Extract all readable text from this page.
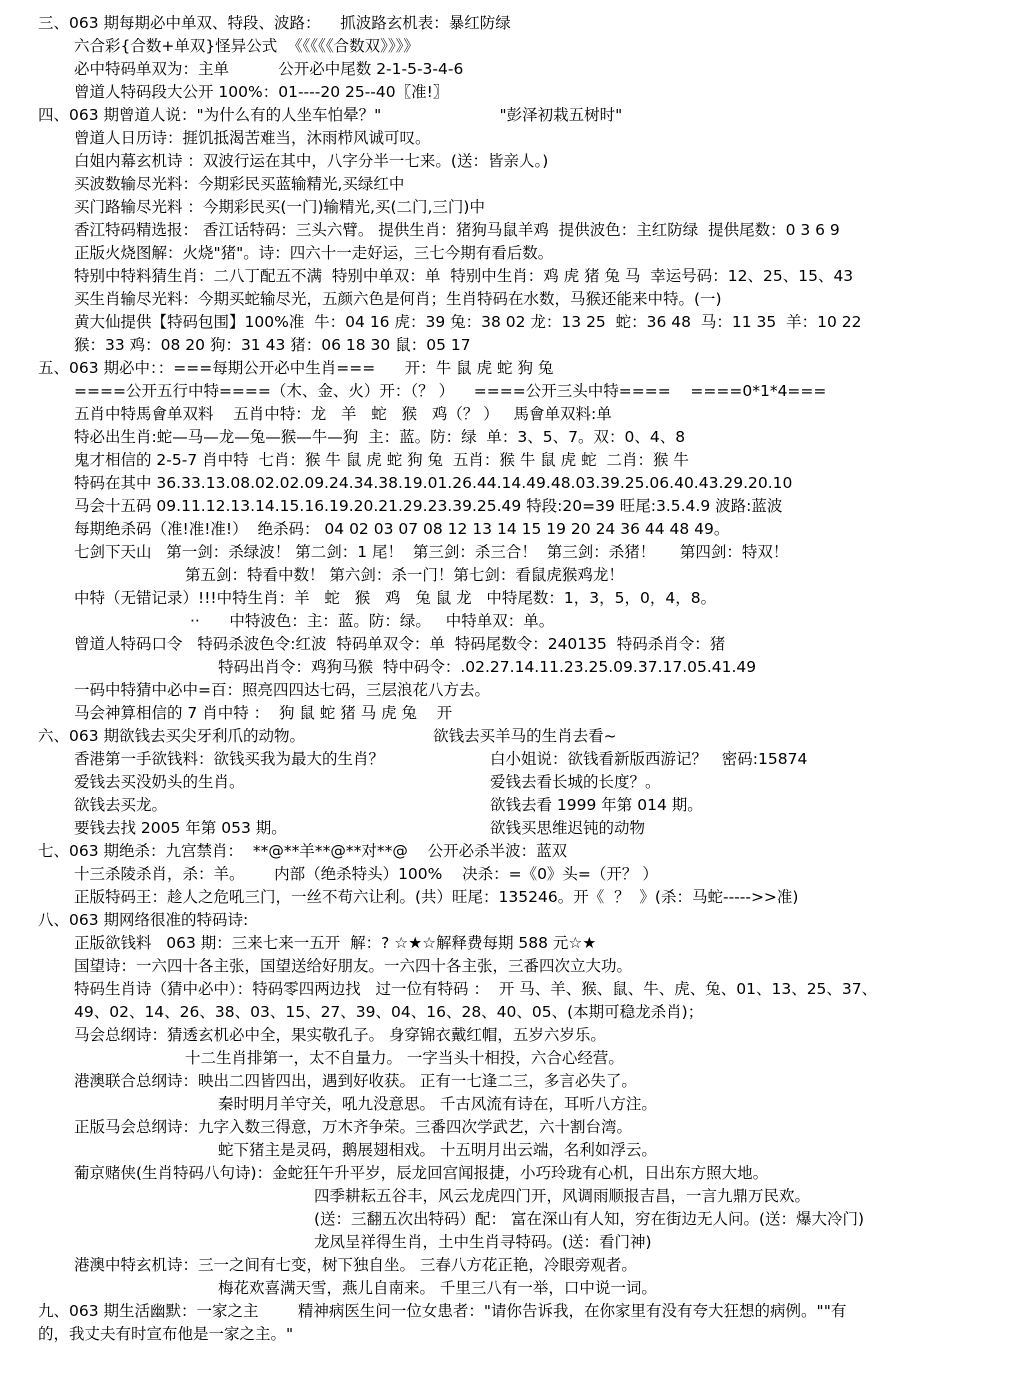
三、063 期每期必中单双、特段、波路：    抓波路玄机表：暴红防绿
六合彩{合数+单双}怪异公式  《《《《《合数双》》》》
必中特码单双为：主单          公开必中尾数 2-1-5-3-4-6
曾道人特码段大公开 100%：01----20 25--40〖准!〗
四、063 期曾道人说："为什么有的人坐车怕晕？"                        "彭泽初栽五树时"
曾道人日历诗：捱饥抵渴苦难当，沐雨栉风诚可叹。
白姐内幕玄机诗 ：双波行运在其中，八字分半一七来。(送：皆亲人。)
买波数输尽光料：今期彩民买蓝输精光,买绿红中
买门路输尽光料 ：今期彩民买(一门)输精光,买(二门,三门)中
香江特码精选报： 香江话特码：三头六臂。 提供生肖：猪狗马鼠羊鸡  提供波色：主红防绿  提供尾数：0 3 6 9
正版火烧图解：火烧"猪"。诗：四六十一走好运，三七今期有看后数。
特别中特料猜生肖：二八丁配五不满  特别中单双：单  特别中生肖：鸡 虎 猪 兔 马  幸运号码：12、25、15、43
买生肖输尽光料：今期买蛇输尽光，五颜六色是何肖；生肖特码在水数，马猴还能来中特。(一)
黄大仙提供【特码包围】100%准  牛：04 16 虎：39 兔：38 02 龙：13 25  蛇：36 48  马：11 35  羊：10 22
猴：33 鸡：08 20 狗：31 43 猪：06 18 30 鼠：05 17
五、063 期必中：：===每期公开必中生肖===      开：牛 鼠 虎 蛇 狗 兔
====公开五行中特====（木、金、火）开：（？ ）    ====公开三头中特====    ====0*1*4===
五肖中特馬會单双料    五肖中特：龙   羊   蛇   猴   鸡（？ ）   馬會单双料:单
特必出生肖:蛇—马—龙—兔—猴—牛—狗  主：蓝。防：绿  单：3、5、7。双：0、4、8
鬼才相信的 2-5-7 肖中特  七肖：猴 牛 鼠 虎 蛇 狗 兔  五肖：猴 牛 鼠 虎 蛇  二肖：猴 牛
特码在其中 36.33.13.08.02.02.09.24.34.38.19.01.26.44.14.49.48.03.39.25.06.40.43.29.20.10
马会十五码 09.11.12.13.14.15.16.19.20.21.29.23.39.25.49 特段:20=39 旺尾:3.5.4.9 波路:蓝波
每期绝杀码（准!准!准!）  绝杀码： 04 02 03 07 08 12 13 14 15 19 20 24 36 44 48 49。
七剑下天山   第一剑：杀绿波！ 第二剑：1 尾！  第三剑：杀三合！  第三剑：杀猪！     第四剑：特双！
第五剑：特看中数！ 第六剑：杀一门！第七剑：看鼠虎猴鸡龙！
中特（无错记录）!!!中特生肖：羊   蛇   猴   鸡   兔 鼠 龙   中特尾数：1，3，5，0，4，8。
··      中特波色：主：蓝。防：绿。   中特单双：单。
曾道人特码口令   特码杀波色令:红波  特码单双令：单  特码尾数令：240135  特码杀肖令：猪
特码出肖令：鸡狗马猴  特中码令：.02.27.14.11.23.25.09.37.17.05.41.49
一码中特猜中必中=百：照亮四四达七码，三层浪花八方去。
马会神算相信的 7 肖中特 ：  狗 鼠 蛇 猪 马 虎 兔    开
六、063 期欲钱去买尖牙利爪的动物。                          欲钱去买羊马的生肖去看~
香港第一手欲钱料：欲钱买我为最大的生肖？	白小姐说：欲钱看新版西游记？   密码:15874
爱钱去买没奶头的生肖。	爱钱去看长城的长度？。
欲钱去买龙。	欲钱去看 1999 年第 014 期。
要钱去找 2005 年第 053 期。	欲钱买思维迟钝的动物
七、063 期绝杀：九宫禁肖：  **@**羊**@**对**@    公开必杀半波：蓝双
十三杀陵杀肖，杀：羊。      内部（绝杀特头）100%    决杀：=《0》头=（开？ ）
正版特码王：趁人之危吼三门，一丝不苟六让利。(共）旺尾：135246。开《  ？  》(杀：马蛇----->>准)
八、063 期网络很准的特码诗:
正版欲钱料   063 期：三来七来一五开  解：? ☆★☆解释费每期 588 元☆★
国望诗：一六四十各主张，国望送给好朋友。一六四十各主张，三番四次立大功。
特码生肖诗（猜中必中）：特码零四两边找   过一位有特码 ：  开 马、羊、猴、鼠、牛、虎、兔、01、13、25、37、
49、02、14、26、38、03、15、27、39、04、16、28、40、05、(本期可稳龙杀肖)；
马会总纲诗：猜透玄机必中全，果实敬孔子。 身穿锦衣戴红帽，五岁六岁乐。
十二生肖排第一，太不自量力。 一字当头十相投，六合心经营。
港澳联合总纲诗：映出二四皆四出，遇到好收获。 正有一七逢二三，多言必失了。
秦时明月羊守关，吼九没意思。 千古风流有诗在，耳听八方注。
正版马会总纲诗：九字入数三得意，万木齐争荣。三番四次学武艺，六十割台湾。
蛇下猪主是灵码，鹅展翅相戏。 十五明月出云端，名利如浮云。
葡京赌侠(生肖特码八句诗)：金蛇狂午升平岁，辰龙回宫闻报捷，小巧玲珑有心机，日出东方照大地。
四季耕耘五谷丰，风云龙虎四门开，风调雨顺报吉昌，一言九鼎万民欢。
(送：三翻五次出特码）配： 富在深山有人知，穷在街边无人问。(送：爆大冷门)
龙凤呈祥得生肖，土中生肖寻特码。(送：看门神)
港澳中特玄机诗：三一之间有七变，树下独自坐。 三春八方花正艳，冷眼旁观者。
梅花欢喜满天雪，燕儿自南来。 千里三八有一举，口中说一词。
九、063 期生活幽默：一家之主        精神病医生问一位女患者："请你告诉我，在你家里有没有夸大狂想的病例。""有
的，我丈夫有时宣布他是一家之主。"
